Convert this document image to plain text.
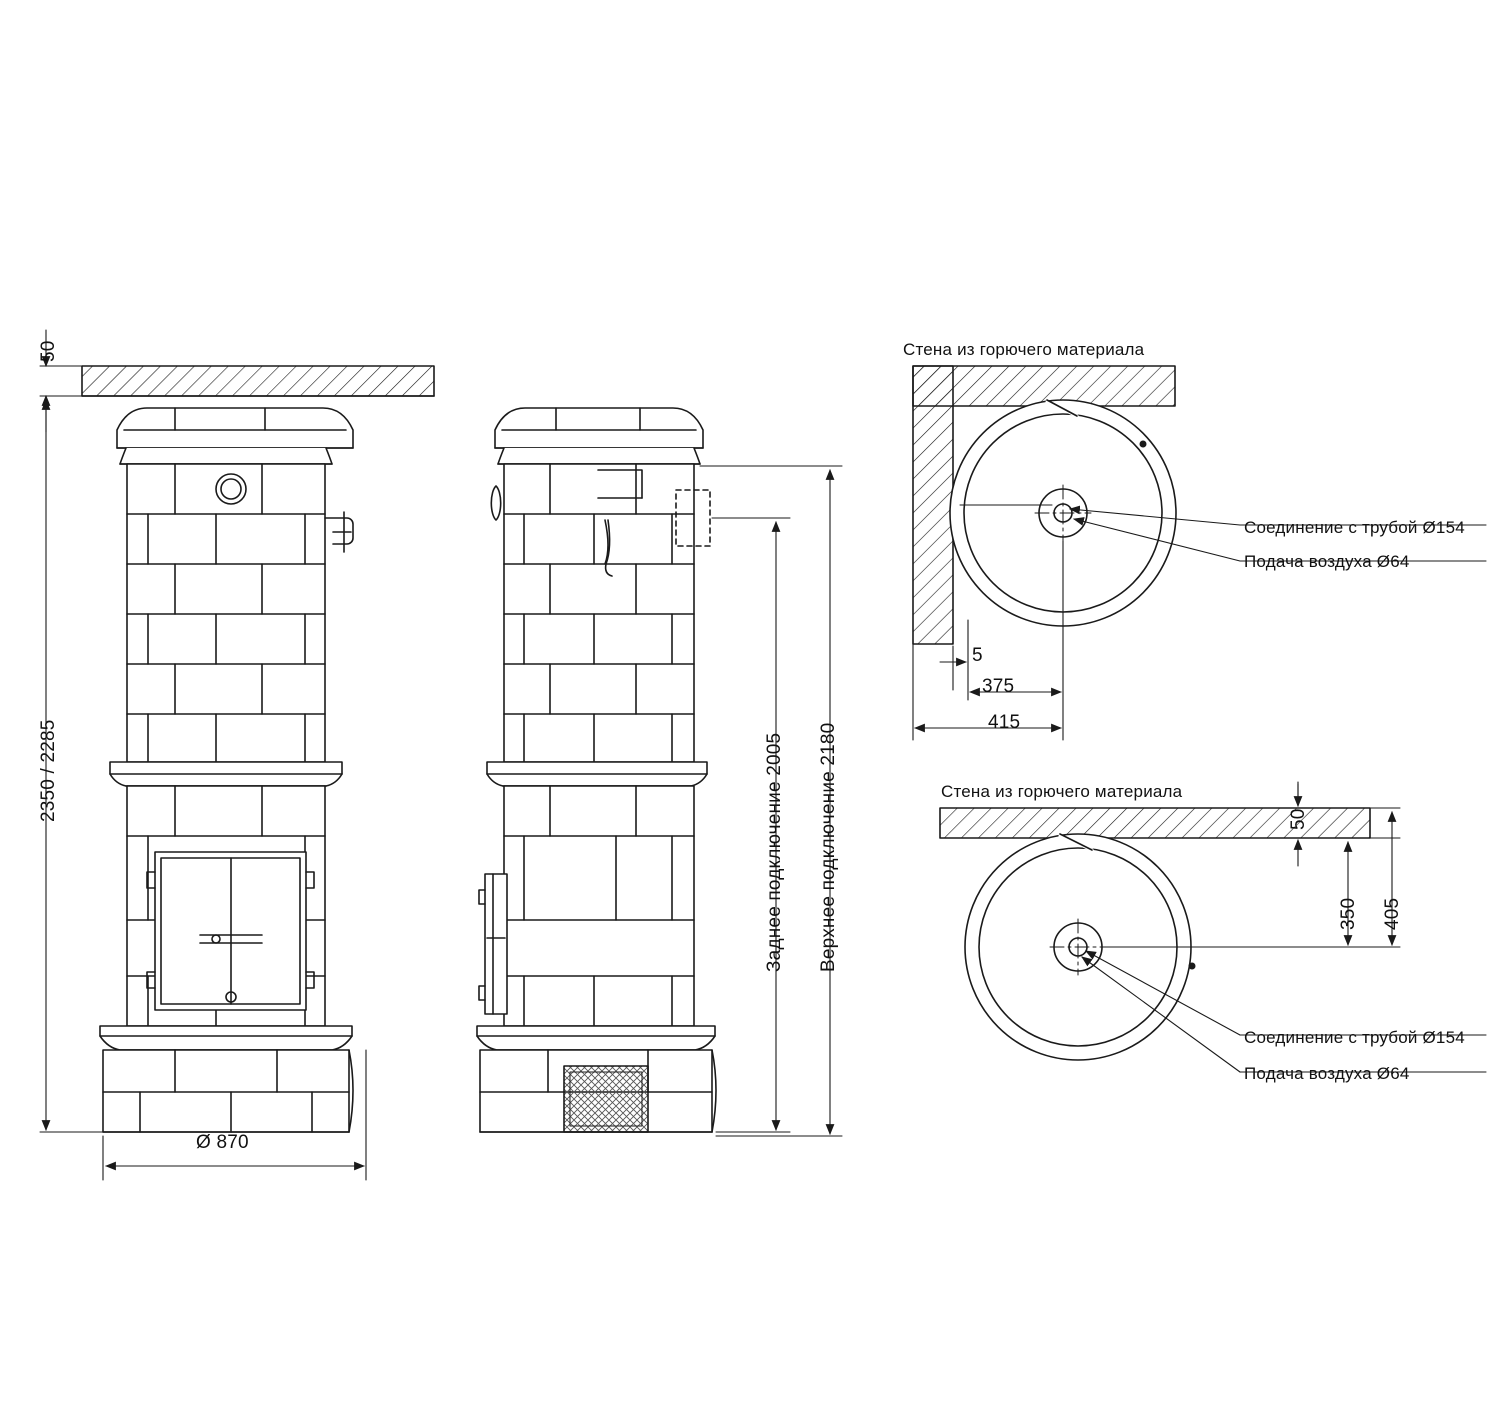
50
2350 / 2285
Ø 870
Заднее подключение 2005 Верхнее подключение 2180
Стена из горючего материала
5
375
415
Соединение с трубой Ø154
Подача воздуха Ø64
Стена из горючего материала
50
350 405
Соединение с трубой Ø154
Подача воздуха Ø64
